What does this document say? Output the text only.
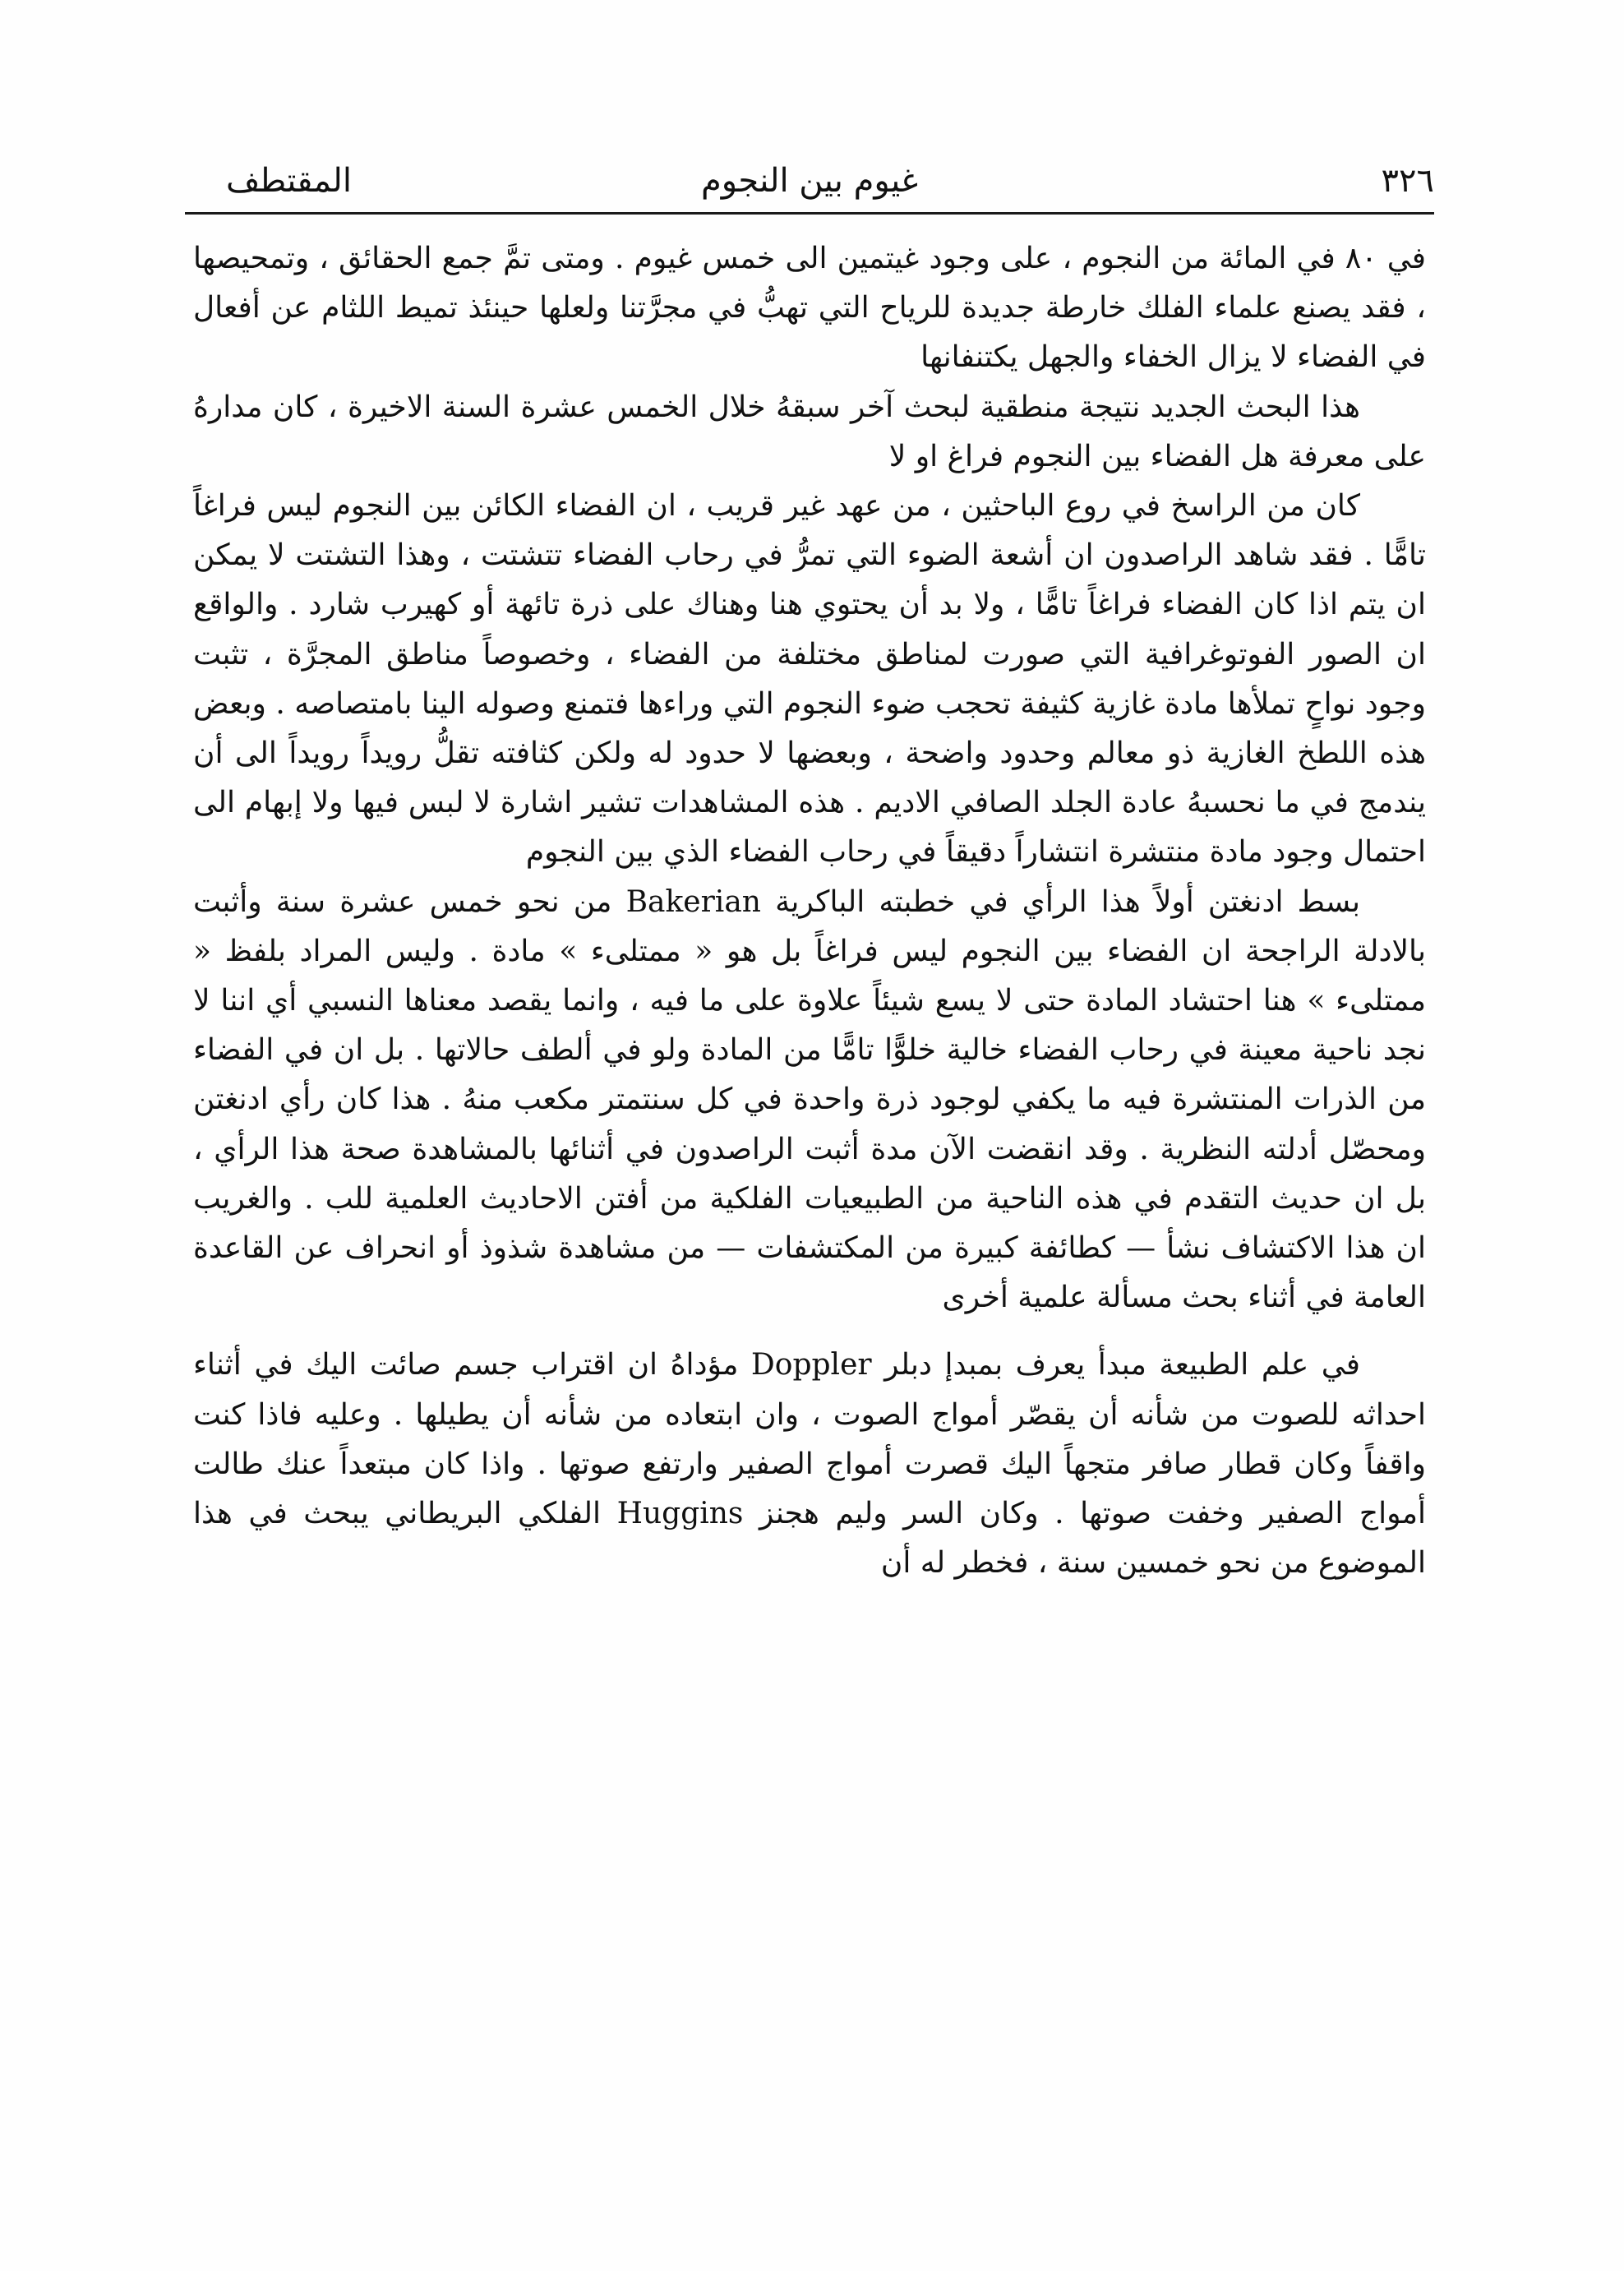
٣٢٦
غيوم بين النجوم
المقتطف

في ٨٠ في المائة من النجوم ، على وجود غيتمين الى خمس غيوم . ومتى تمَّ جمع الحقائق ، وتمحيصها ، فقد يصنع علماء الفلك خارطة جديدة للرياح التي تهبُّ في مجرَّتنا ولعلها حينئذ تميط اللثام عن أفعال في الفضاء لا يزال الخفاء والجهل يكتنفانها

هذا البحث الجديد نتيجة منطقية لبحث آخر سبقهُ خلال الخمس عشرة السنة الاخيرة ، كان مدارهُ على معرفة هل الفضاء بين النجوم فراغ او لا

كان من الراسخ في روع الباحثين ، من عهد غير قريب ، ان الفضاء الكائن بين النجوم ليس فراغاً تامًّا . فقد شاهد الراصدون ان أشعة الضوء التي تمرُّ في رحاب الفضاء تتشتت ، وهذا التشتت لا يمكن ان يتم اذا كان الفضاء فراغاً تامًّا ، ولا بد أن يحتوي هنا وهناك على ذرة تائهة أو كهيرب شارد . والواقع ان الصور الفوتوغرافية التي صورت لمناطق مختلفة من الفضاء ، وخصوصاً مناطق المجرَّة ، تثبت وجود نواحٍ تملأها مادة غازية كثيفة تحجب ضوء النجوم التي وراءها فتمنع وصوله الينا بامتصاصه . وبعض هذه اللطخ الغازية ذو معالم وحدود واضحة ، وبعضها لا حدود له ولكن كثافته تقلُّ رويداً رويداً الى أن يندمج في ما نحسبهُ عادة الجلد الصافي الاديم . هذه المشاهدات تشير اشارة لا لبس فيها ولا إبهام الى احتمال وجود مادة منتشرة انتشاراً دقيقاً في رحاب الفضاء الذي بين النجوم

بسط ادنغتن أولاً هذا الرأي في خطبته الباكرية Bakerian من نحو خمس عشرة سنة وأثبت بالادلة الراجحة ان الفضاء بين النجوم ليس فراغاً بل هو « ممتلىء » مادة . وليس المراد بلفظ « ممتلىء » هنا احتشاد المادة حتى لا يسع شيئاً علاوة على ما فيه ، وانما يقصد معناها النسبي أي اننا لا نجد ناحية معينة في رحاب الفضاء خالية خلوًّا تامًّا من المادة ولو في ألطف حالاتها . بل ان في الفضاء من الذرات المنتشرة فيه ما يكفي لوجود ذرة واحدة في كل سنتمتر مكعب منهُ . هذا كان رأي ادنغتن ومحصّل أدلته النظرية . وقد انقضت الآن مدة أثبت الراصدون في أثنائها بالمشاهدة صحة هذا الرأي ، بل ان حديث التقدم في هذه الناحية من الطبيعيات الفلكية من أفتن الاحاديث العلمية للب . والغريب ان هذا الاكتشاف نشأ — كطائفة كبيرة من المكتشفات — من مشاهدة شذوذ أو انحراف عن القاعدة العامة في أثناء بحث مسألة علمية أخرى

في علم الطبيعة مبدأ يعرف بمبدإ دبلر Doppler مؤداهُ ان اقتراب جسم صائت اليك في أثناء احداثه للصوت من شأنه أن يقصّر أمواج الصوت ، وان ابتعاده من شأنه أن يطيلها . وعليه فاذا كنت واقفاً وكان قطار صافر متجهاً اليك قصرت أمواج الصفير وارتفع صوتها . واذا كان مبتعداً عنك طالت أمواج الصفير وخفت صوتها . وكان السر وليم هجنز Huggins الفلكي البريطاني يبحث في هذا الموضوع من نحو خمسين سنة ، فخطر له أن
